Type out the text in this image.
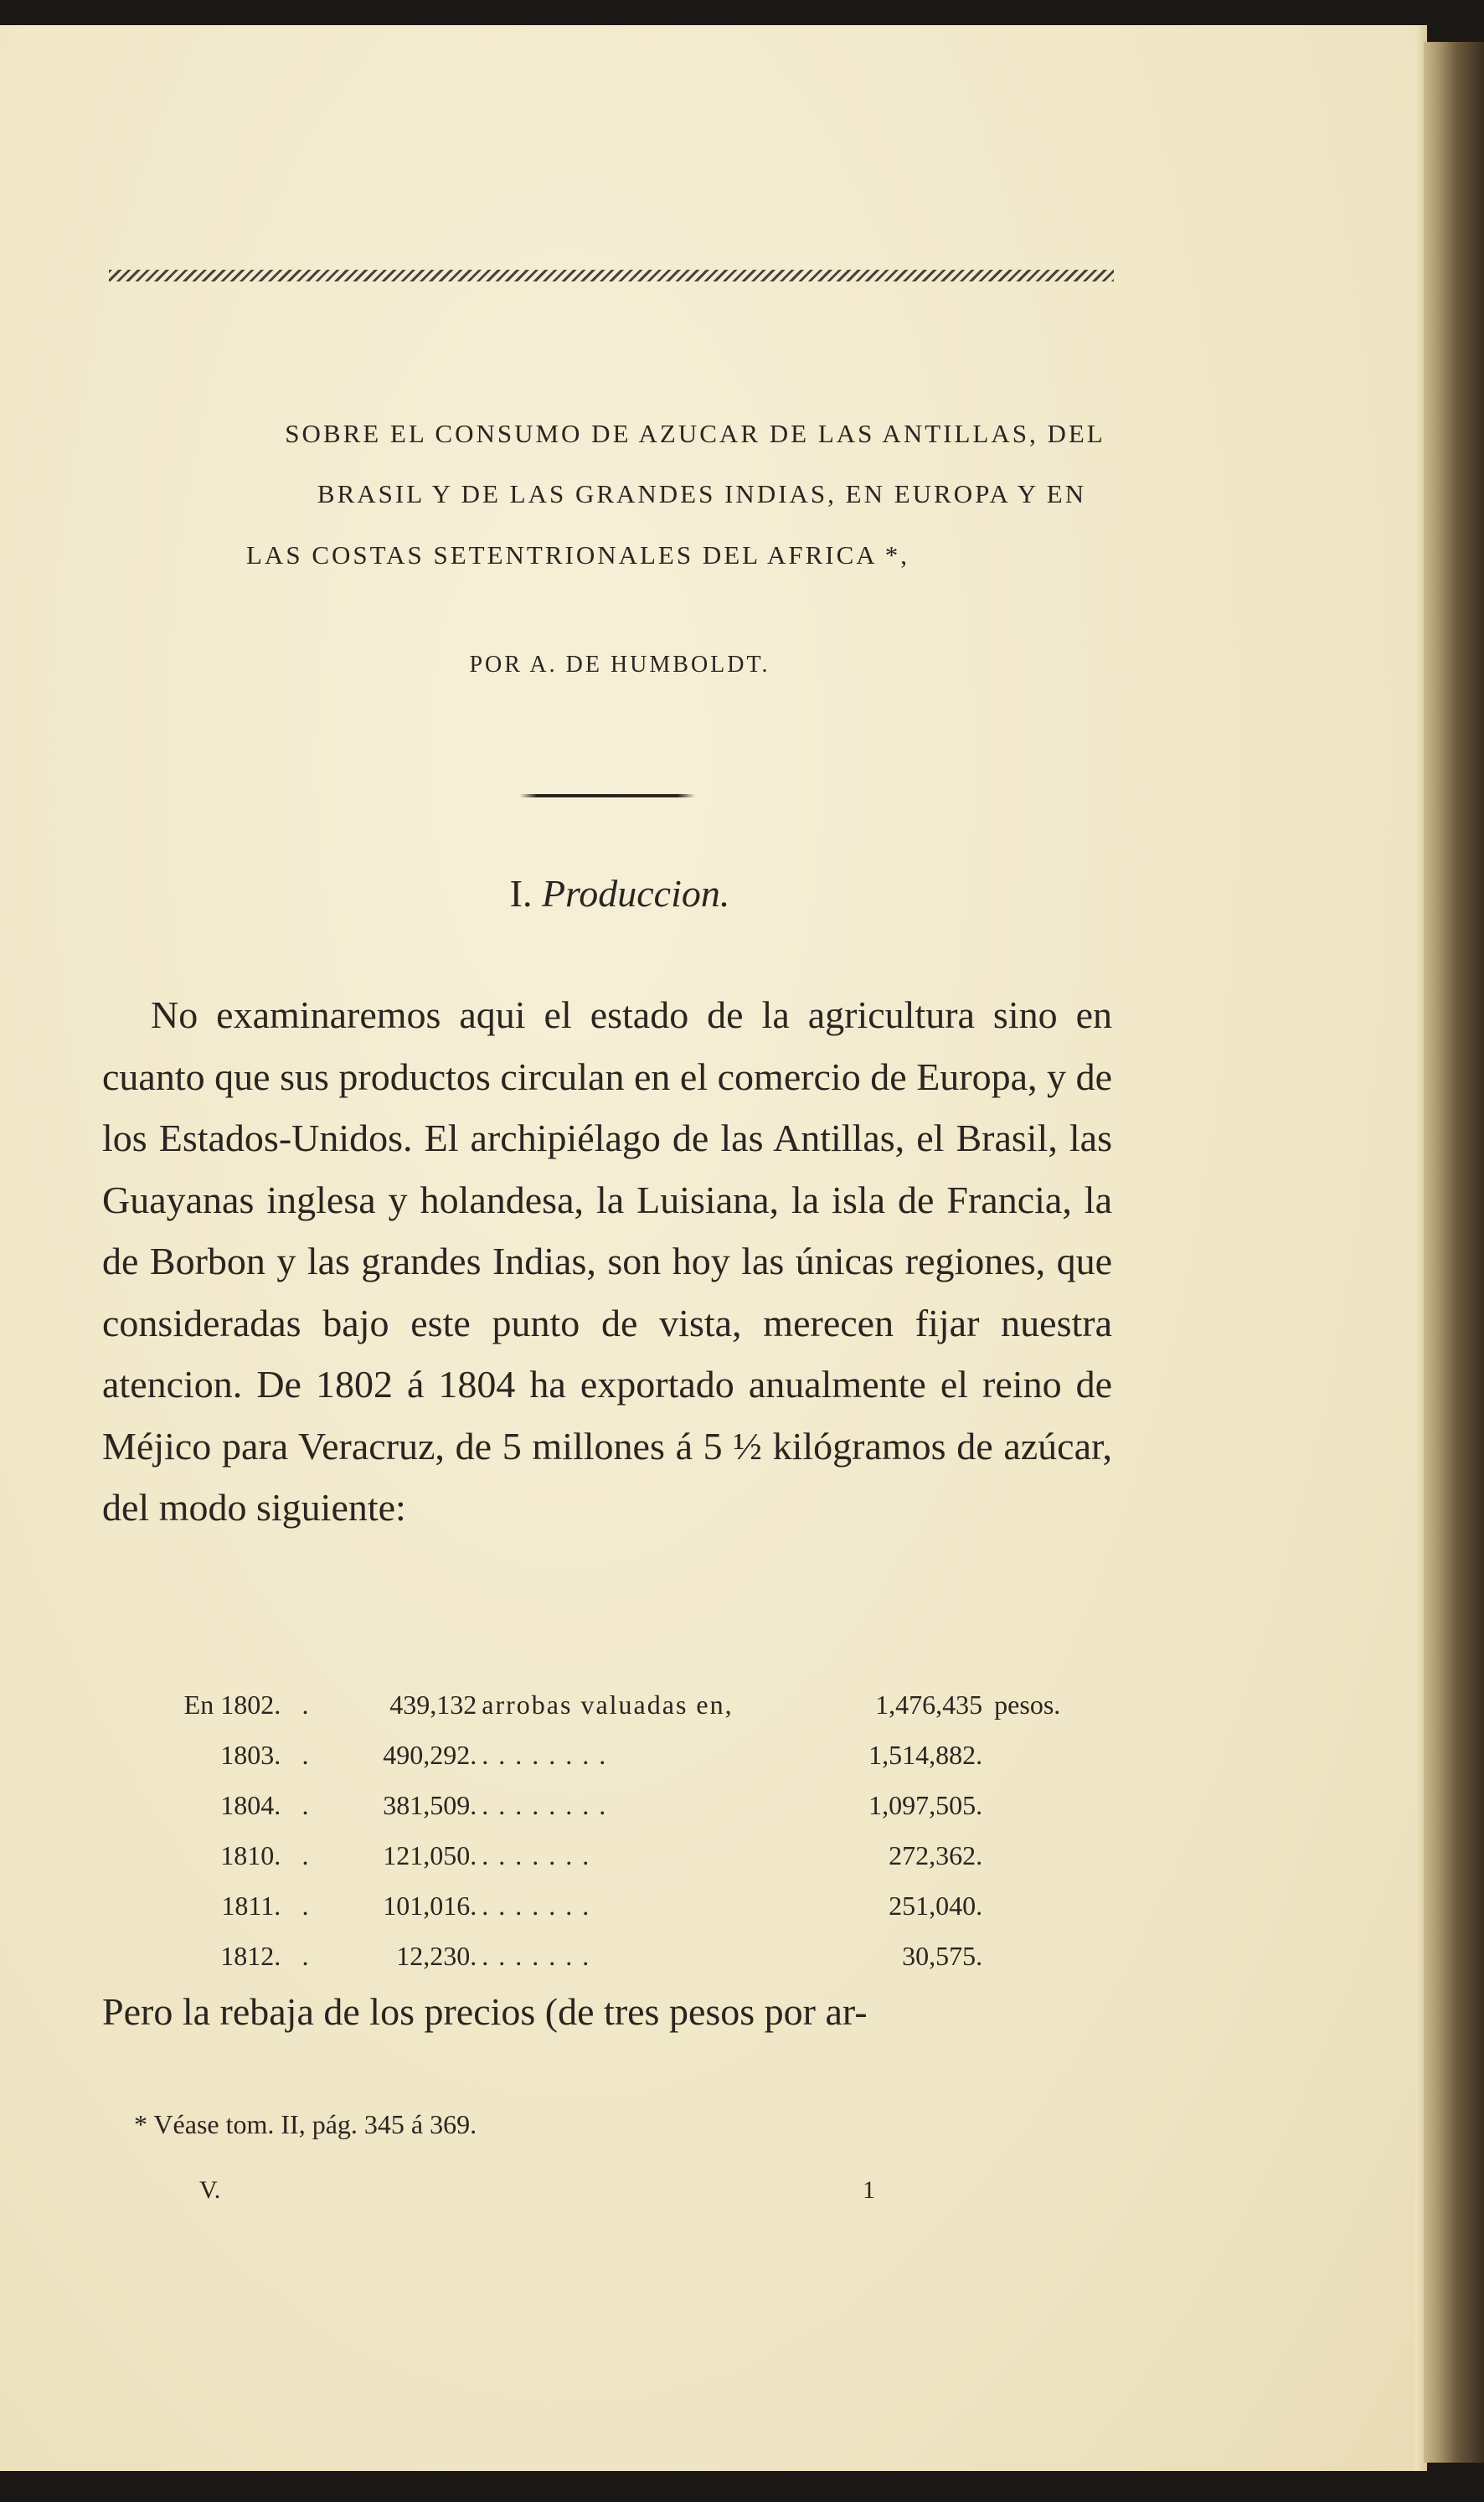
SOBRE EL CONSUMO DE AZUCAR DE LAS ANTILLAS, DEL
BRASIL Y DE LAS GRANDES INDIAS, EN EUROPA Y EN
LAS COSTAS SETENTRIONALES DEL AFRICA *,
POR A. DE HUMBOLDT.
I. Produccion.
No examinaremos aqui el estado de la agricultura sino en cuanto que sus productos circulan en el comercio de Europa, y de los Estados-Unidos. El archipiélago de las Antillas, el Brasil, las Guayanas inglesa y holandesa, la Luisiana, la isla de Francia, la de Borbon y las grandes Indias, son hoy las únicas regiones, que consideradas bajo este punto de vista, merecen fijar nuestra atencion. De 1802 á 1804 ha exportado anualmente el reino de Méjico para Veracruz, de 5 millones á 5 ½ kilógramos de azúcar, del modo siguiente:
En 1802.	.	439,132	arrobas valuadas en,	1,476,435	pesos.
1803.	.	490,292.	. . . . . . . .	1,514,882.	
1804.	.	381,509.	. . . . . . . .	1,097,505.	
1810.	.	121,050.	. . . . . . .	272,362.	
1811.	.	101,016.	. . . . . . .	251,040.	
1812.	.	12,230.	. . . . . . .	30,575.	
Pero la rebaja de los precios (de tres pesos por ar-
* Véase tom. II, pág. 345 á 369.
V.	1
